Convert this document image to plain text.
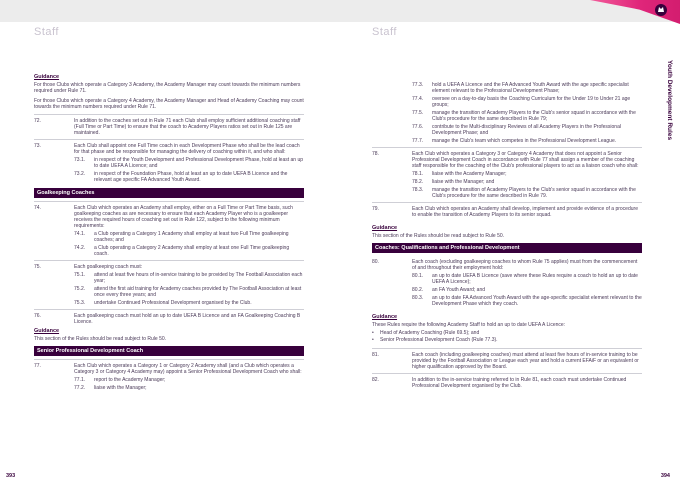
Staff	Staff
Youth Development Rules
Guidance
For those Clubs which operate a Category 3 Academy, the Academy Manager may count towards the minimum numbers required under Rule 71.
For those Clubs which operate a Category 4 Academy, the Academy Manager and Head of Academy Coaching may count towards the minimum numbers required under Rule 71.
72.	In addition to the coaches set out in Rule 71 each Club shall employ sufficient additional coaching staff (Full Time or Part Time) to ensure that the coach to Academy Players ratios set out in Rule 125 are maintained.
73.	Each Club shall appoint one Full Time coach in each Development Phase who shall be the lead coach for that phase and be responsible for managing the delivery of coaching within it, and who shall:
73.1.	in respect of the Youth Development and Professional Development Phase, hold at least an up to date UEFA A Licence; and
73.2.	in respect of the Foundation Phase, hold at least an up to date UEFA B Licence and the relevant age specific FA Advanced Youth Award.
Goalkeeping Coaches
74.	Each Club which operates an Academy shall employ, either on a Full Time or Part Time basis, such goalkeeping coaches as are necessary to ensure that each Academy Player who is a goalkeeper receives the required hours of coaching set out in Rule 122, subject to the following minimum requirements:
74.1.	a Club operating a Category 1 Academy shall employ at least two Full Time goalkeeping coaches; and
74.2.	a Club operating a Category 2 Academy shall employ at least one Full Time goalkeeping coach.
75.	Each goalkeeping coach must:
75.1.	attend at least five hours of in-service training to be provided by The Football Association each year;
75.2.	attend the first aid training for Academy coaches provided by The Football Association at least once every three years; and
75.3.	undertake Continued Professional Development organised by the Club.
76.	Each goalkeeping coach must hold an up to date UEFA B Licence and an FA Goalkeeping Coaching B Licence.
Guidance
This section of the Rules should be read subject to Rule 50.
Senior Professional Development Coach
77.	Each Club which operates a Category 1 or Category 2 Academy shall (and a Club which operates a Category 3 or Category 4 Academy may) appoint a Senior Professional Development Coach who shall:
77.1.	report to the Academy Manager;
77.2.	liaise with the Manager;
77.3.	hold a UEFA A Licence and the FA Advanced Youth Award with the age specific specialist element relevant to the Professional Development Phase;
77.4.	oversee on a day-to-day basis the Coaching Curriculum for the Under 19 to Under 21 age groups;
77.5.	manage the transition of Academy Players to the Club's senior squad in accordance with the Club's procedure for the same described in Rule 79;
77.6.	contribute to the Multi-disciplinary Reviews of all Academy Players in the Professional Development Phase; and
77.7.	manage the Club's team which competes in the Professional Development League.
78.	Each Club which operates a Category 3 or Category 4 Academy that does not appoint a Senior Professional Development Coach in accordance with Rule 77 shall assign a member of the coaching staff responsible for the coaching of the Club's professional players to act as a liaison coach who shall:
78.1.	liaise with the Academy Manager;
78.2.	liaise with the Manager; and
78.3.	manage the transition of Academy Players to the Club's senior squad in accordance with the Club's procedure for the same described in Rule 79.
79.	Each Club which operates an Academy shall develop, implement and provide evidence of a procedure to enable the transition of Academy Players to its senior squad.
Guidance
This section of the Rules should be read subject to Rule 50.
Coaches: Qualifications and Professional Development
80.	Each coach (excluding goalkeeping coaches to whom Rule 75 applies) must from the commencement of and throughout their employment hold:
80.1.	an up to date UEFA B Licence (save where these Rules require a coach to hold an up to date UEFA A Licence);
80.2.	an FA Youth Award; and
80.3.	an up to date FA Advanced Youth Award with the age-specific specialist element relevant to the Development Phase which they coach.
Guidance
These Rules require the following Academy Staff to hold an up to date UEFA A Licence:
•	Head of Academy Coaching (Rule 69.5); and
•	Senior Professional Development Coach (Rule 77.3).
81.	Each coach (including goalkeeping coaches) must attend at least five hours of in-service training to be provided by the Football Association or League each year and hold a current EFAiF or an equivalent or higher qualification approved by the Board.
82.	In addition to the in-service training referred to in Rule 81, each coach must undertake Continued Professional Development organised by the Club.
393	394
